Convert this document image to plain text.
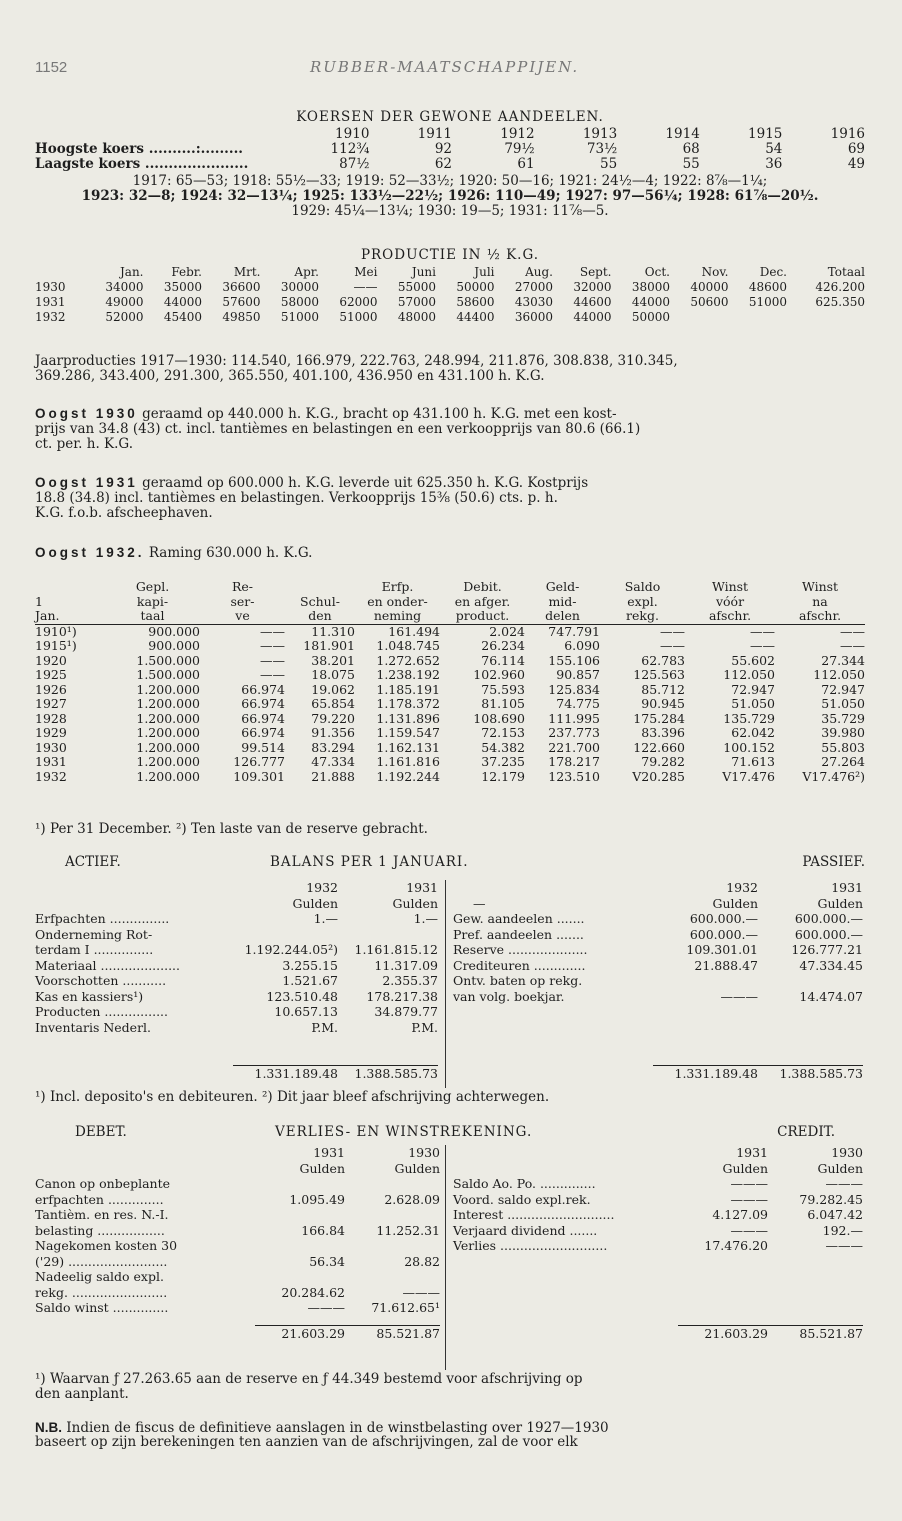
1152	RUBBER-MAATSCHAPPIJEN.
KOERSEN DER GEWONE AANDEELEN.
	1910	1911	1912	1913	1914	1915	1916
Hoogste koers ..........:.........	112¾	92	79½	73½	68	54	69
Laagste koers ......................	87½	62	61	55	55	36	49
1917: 65—53; 1918: 55½—33; 1919: 52—33½; 1920: 50—16; 1921: 24½—4; 1922: 8⅞—1¼;
1923: 32—8; 1924: 32—13¼; 1925: 133½—22½; 1926: 110—49; 1927: 97—56¼; 1928: 61⅞—20½.
1929: 45¼—13¼; 1930: 19—5; 1931: 11⅞—5.
PRODUCTIE IN ½ K.G.
	Jan.	Febr.	Mrt.	Apr.	Mei	Juni	Juli	Aug.	Sept.	Oct.	Nov.	Dec.	Totaal
1930	34000	35000	36600	30000	——	55000	50000	27000	32000	38000	40000	48600	426.200
1931	49000	44000	57600	58000	62000	57000	58600	43030	44600	44000	50600	51000	625.350
1932	52000	45400	49850	51000	51000	48000	44400	36000	44000	50000			
Jaarproducties 1917—1930: 114.540, 166.979, 222.763, 248.994, 211.876, 308.838, 310.345,
369.286, 343.400, 291.300, 365.550, 401.100, 436.950 en 431.100 h. K.G.
Oogst 1930 geraamd op 440.000 h. K.G., bracht op 431.100 h. K.G. met een kost-
prijs van 34.8 (43) ct. incl. tantièmes en belastingen en een verkoopprijs van 80.6 (66.1)
ct. per. h. K.G.
Oogst 1931 geraamd op 600.000 h. K.G. leverde uit 625.350 h. K.G. Kostprijs
18.8 (34.8) incl. tantièmes en belastingen. Verkoopprijs 15⅜ (50.6) cts. p. h.
K.G. f.o.b. afscheephaven.
Oogst 1932. Raming 630.000 h. K.G.
	Gepl.	Re-		Erfp.	Debit.	Geld-	Saldo	Winst	Winst
1	kapi-	ser-	Schul-	en onder-	en afger.	mid-	expl.	vóór	na
Jan.	taal	ve	den	neming	product.	delen	rekg.	afschr.	afschr.
1910¹)	900.000	——	11.310	161.494	2.024	747.791	——	——	——
1915¹)	900.000	——	181.901	1.048.745	26.234	6.090	——	——	——
1920	1.500.000	——	38.201	1.272.652	76.114	155.106	62.783	55.602	27.344
1925	1.500.000	——	18.075	1.238.192	102.960	90.857	125.563	112.050	112.050
1926	1.200.000	66.974	19.062	1.185.191	75.593	125.834	85.712	72.947	72.947
1927	1.200.000	66.974	65.854	1.178.372	81.105	74.775	90.945	51.050	51.050
1928	1.200.000	66.974	79.220	1.131.896	108.690	111.995	175.284	135.729	35.729
1929	1.200.000	66.974	91.356	1.159.547	72.153	237.773	83.396	62.042	39.980
1930	1.200.000	99.514	83.294	1.162.131	54.382	221.700	122.660	100.152	55.803
1931	1.200.000	126.777	47.334	1.161.816	37.235	178.217	79.282	71.613	27.264
1932	1.200.000	109.301	21.888	1.192.244	12.179	123.510	V20.285	V17.476	V17.476²)
¹) Per 31 December. ²) Ten laste van de reserve gebracht.
ACTIEF.	BALANS PER 1 JANUARI.	PASSIEF.
	1932	1931
	Gulden	Gulden
Erfpachten ...............	1.—	1.—
Onderneming Rot-		
terdam I ...............	1.192.244.05²)	1.161.815.12
Materiaal ....................	3.255.15	11.317.09
Voorschotten ...........	1.521.67	2.355.37
Kas en kassiers¹)	123.510.48	178.217.38
Producten ................	10.657.13	34.879.77
Inventaris Nederl.	P.M.	P.M.

	1.331.189.48	1.388.585.73
	1932	1931
—	Gulden	Gulden
Gew. aandeelen .......	600.000.—	600.000.—
Pref. aandeelen .......	600.000.—	600.000.—
Reserve ....................	109.301.01	126.777.21
Crediteuren .............	21.888.47	47.334.45
Ontv. baten op rekg.		
van volg. boekjar.	———	14.474.07

	1.331.189.48	1.388.585.73
¹) Incl. deposito's en debiteuren. ²) Dit jaar bleef afschrijving achterwegen.
DEBET.	VERLIES- EN WINSTREKENING.	CREDIT.
	1931	1930
	Gulden	Gulden
Canon op onbeplante		
erfpachten ..............	1.095.49	2.628.09
Tantièm. en res. N.-I.		
belasting .................	166.84	11.252.31
Nagekomen kosten 30		
('29) .........................	56.34	28.82
Nadeelig saldo expl.		
rekg. ........................	20.284.62	———
Saldo winst ..............	———	71.612.65¹

	21.603.29	85.521.87
	1931	1930
	Gulden	Gulden
Saldo Ao. Po. ..............	———	———
Voord. saldo expl.rek.	———	79.282.45
Interest ...........................	4.127.09	6.047.42
Verjaard dividend .......	———	192.—
Verlies ...........................	17.476.20	———

	21.603.29	85.521.87
¹) Waarvan ƒ 27.263.65 aan de reserve en ƒ 44.349 bestemd voor afschrijving op
den aanplant.
N.B. Indien de fiscus de definitieve aanslagen in de winstbelasting over 1927—1930
baseert op zijn berekeningen ten aanzien van de afschrijvingen, zal de voor elk
